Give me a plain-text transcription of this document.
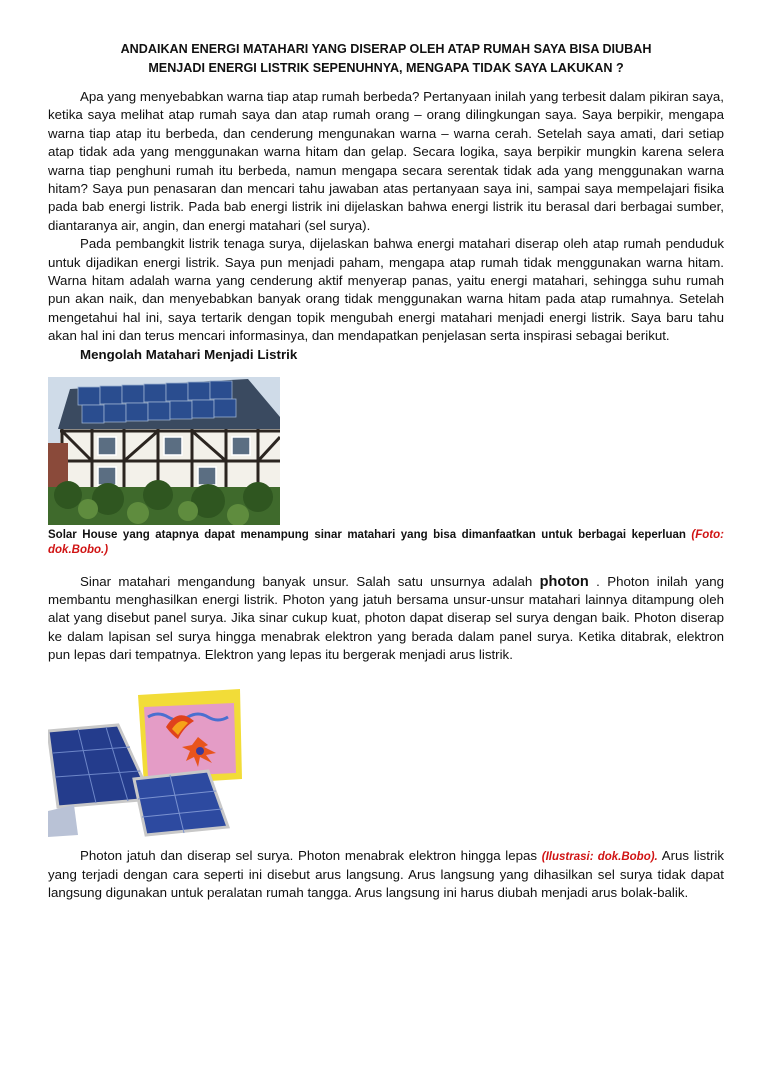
ANDAIKAN ENERGI MATAHARI YANG DISERAP OLEH ATAP RUMAH SAYA BISA DIUBAH
MENJADI ENERGI LISTRIK SEPENUHNYA, MENGAPA TIDAK SAYA LAKUKAN ?

Apa yang menyebabkan warna tiap atap rumah berbeda? Pertanyaan inilah yang terbesit dalam pikiran saya, ketika saya melihat atap rumah saya dan atap rumah orang – orang dilingkungan saya. Saya berpikir, mengapa warna tiap atap itu berbeda, dan cenderung mengunakan warna – warna cerah. Setelah saya amati, dari setiap atap tidak ada yang menggunakan warna hitam dan gelap. Secara logika, saya berpikir mungkin karena selera warna tiap penghuni rumah itu berbeda, namun mengapa secara serentak tidak ada yang menggunakan warna hitam? Saya pun penasaran dan mencari tahu jawaban atas pertanyaan saya ini, sampai saya mempelajari fisika pada bab energi listrik. Pada bab energi listrik ini dijelaskan bahwa energi listrik itu berasal dari berbagai sumber, diantaranya air, angin, dan energi matahari (sel surya).

Pada pembangkit listrik tenaga surya, dijelaskan bahwa energi matahari diserap oleh atap rumah penduduk untuk dijadikan energi listrik. Saya pun menjadi paham, mengapa atap rumah tidak menggunakan warna hitam. Warna hitam adalah warna yang cenderung aktif menyerap panas, yaitu energi matahari, sehingga suhu rumah pun akan naik, dan menyebabkan banyak orang tidak menggunakan warna hitam pada atap rumahnya. Setelah mengetahui hal ini, saya tertarik dengan topik mengubah energi matahari menjadi energi listrik. Saya baru tahu akan hal ini dan terus mencari informasinya, dan mendapatkan penjelasan serta inspirasi sebagai berikut.

Mengolah Matahari Menjadi Listrik
Solar House yang atapnya dapat menampung sinar matahari yang bisa dimanfaatkan untuk berbagai keperluan (Foto: dok.Bobo.)

Sinar matahari mengandung banyak unsur. Salah satu unsurnya adalah photon . Photon inilah yang membantu menghasilkan energi listrik. Photon yang jatuh bersama unsur-unsur matahari lainnya ditampung oleh alat yang disebut panel surya. Jika sinar cukup kuat, photon dapat diserap sel surya dengan baik. Photon diserap ke dalam lapisan sel surya hingga menabrak elektron yang berada dalam panel surya. Ketika ditabrak, elektron pun lepas dari tempatnya. Elektron yang lepas itu bergerak menjadi arus listrik.

Photon jatuh dan diserap sel surya. Photon menabrak elektron hingga lepas (Ilustrasi: dok.Bobo). Arus listrik yang terjadi dengan cara seperti ini disebut arus langsung. Arus langsung yang dihasilkan sel surya tidak dapat langsung digunakan untuk peralatan rumah tangga. Arus langsung ini harus diubah menjadi arus bolak-balik.
